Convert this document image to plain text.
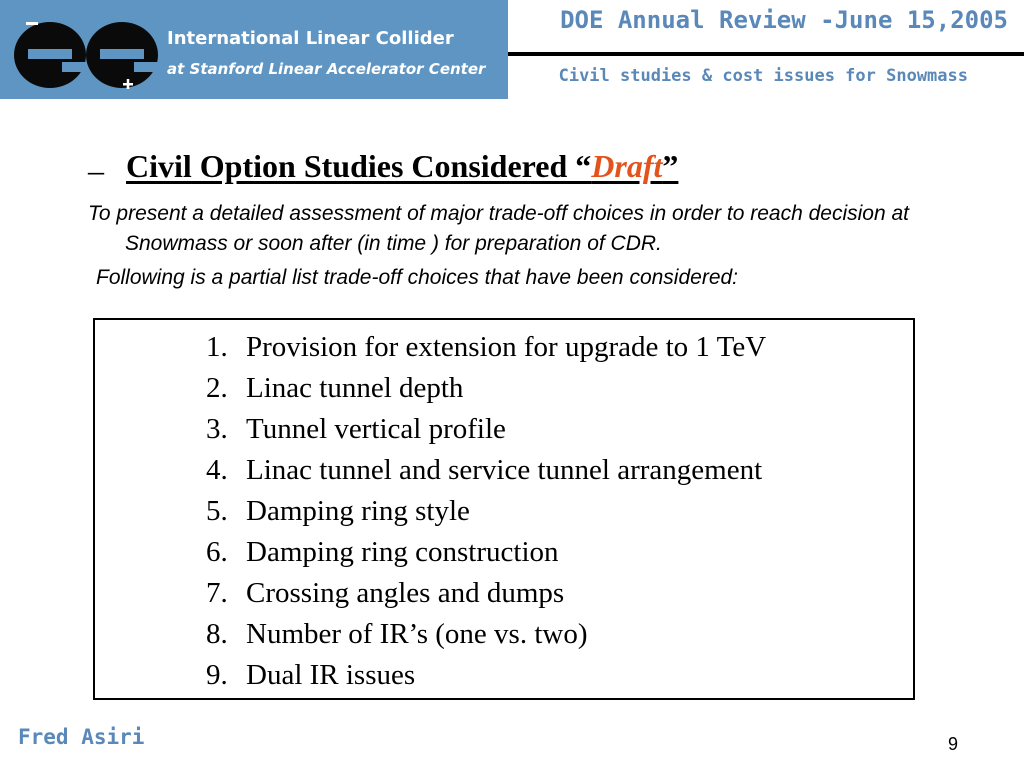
International Linear Collider
at Stanford Linear Accelerator Center
DOE Annual Review -June 15,2005
Civil studies & cost issues for Snowmass
– Civil Option Studies Considered “Draft”
To present a detailed assessment of major trade-off choices in order to reach decision at Snowmass or soon after (in time ) for preparation of CDR.
Following is a partial list trade-off choices that have been considered:
1. Provision for extension for upgrade to 1 TeV
2. Linac tunnel depth
3. Tunnel vertical profile
4. Linac tunnel and service tunnel arrangement
5. Damping ring style
6. Damping ring construction
7. Crossing angles and dumps
8. Number of IR’s (one vs. two)
9. Dual IR issues
Fred Asiri	9
